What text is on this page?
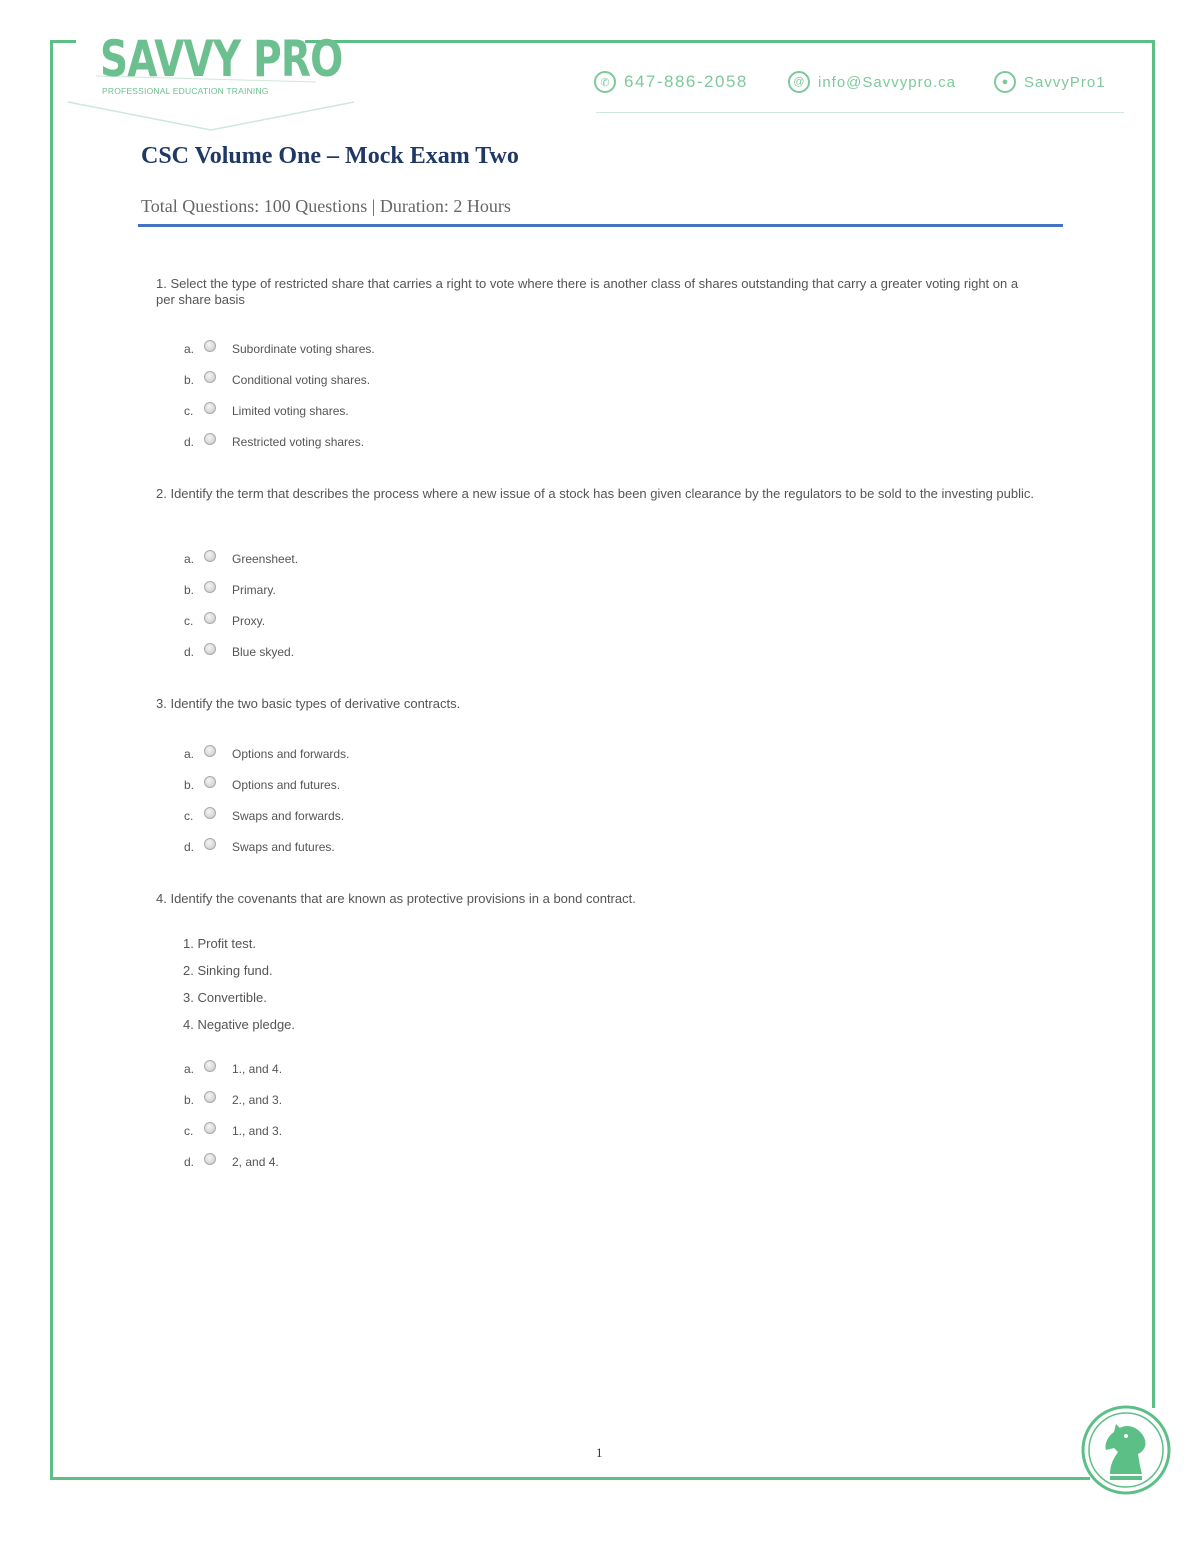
SAVVY PRO
PROFESSIONAL EDUCATION TRAINING
✆ 647-886-2058	@ info@Savvypro.ca	●	SavvyPro1
CSC Volume One – Mock Exam Two
Total Questions: 100 Questions | Duration: 2 Hours
1. Select the type of restricted share that carries a right to vote where there is another class of shares outstanding that carry a greater voting right on a per share basis
a.	Subordinate voting shares.
b.	Conditional voting shares.
c.	Limited voting shares.
d.	Restricted voting shares.
2. Identify the term that describes the process where a new issue of a stock has been given clearance by the regulators to be sold to the investing public.
a.	Greensheet.
b.	Primary.
c.	Proxy.
d.	Blue skyed.
3. Identify the two basic types of derivative contracts.
a.	Options and forwards.
b.	Options and futures.
c.	Swaps and forwards.
d.	Swaps and futures.
4. Identify the covenants that are known as protective provisions in a bond contract.
1. Profit test.
2. Sinking fund.
3. Convertible.
4. Negative pledge.
a.	1., and 4.
b.	2., and 3.
c.	1., and 3.
d.	2, and 4.
1
